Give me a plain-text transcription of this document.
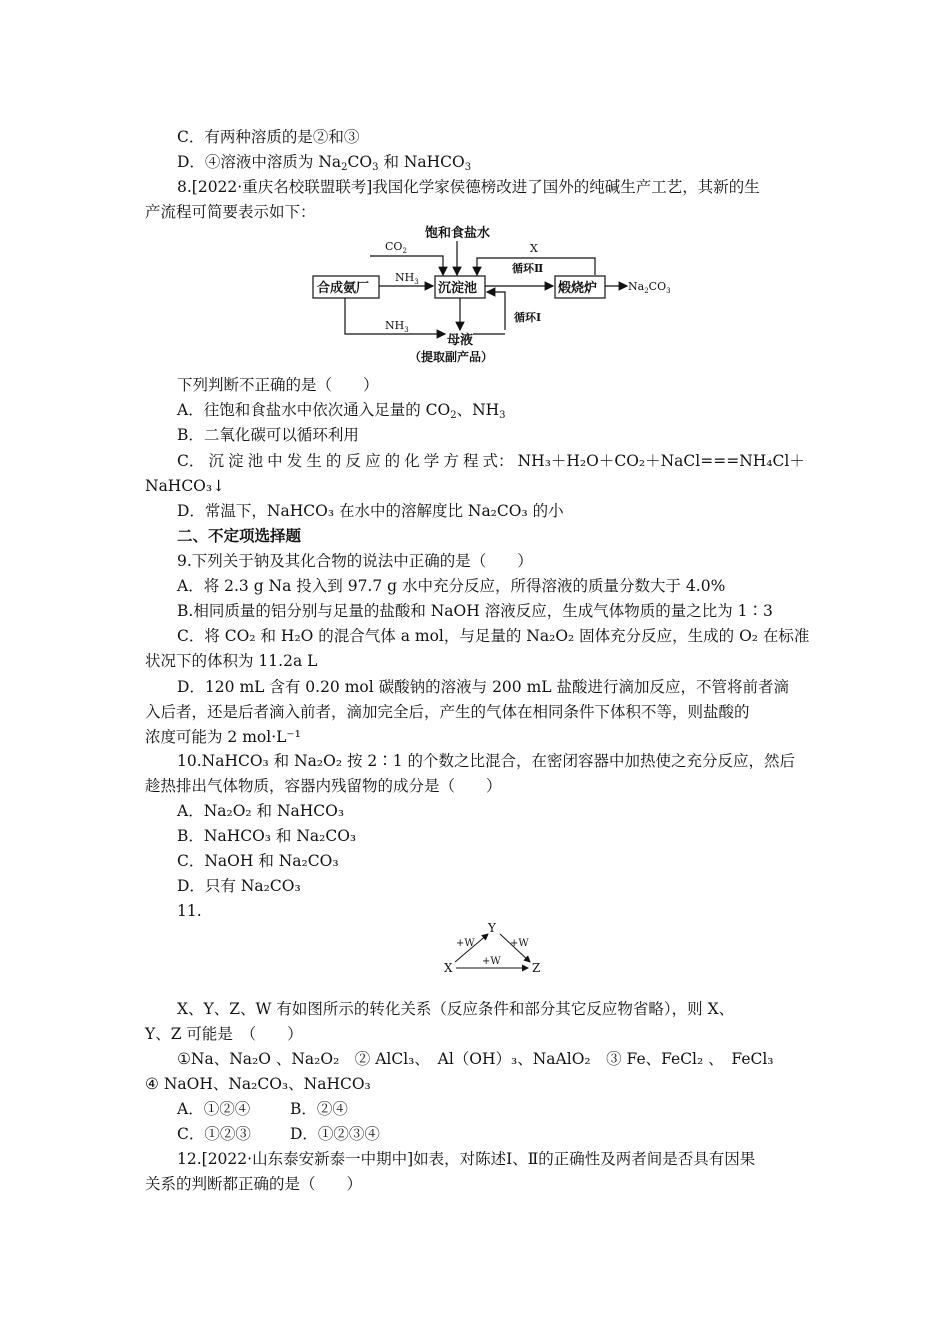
C．有两种溶质的是②和③
D．④溶液中溶质为 $Na_2CO_3$ 和 NaHCO$_3$
8.[2022·重庆名校联盟联考]我国化学家侯德榜改进了国外的纯碱生产工艺，其新的生
产流程可简要表示如下：
饱和食盐水
$CO_2$	X
循环Ⅱ
合成氨厂
$NH_3$ 沉淀池	煅烧炉	$Na_2CO_3$
循环Ⅰ
$NH_3$
母液
（提取副产品）
下列判断不正确的是（　　）
A．往饱和食盐水中依次通入足量的 $CO_2$、$NH_3$
B．二氧化碳可以循环利用
C． 沉 淀 池 中 发 生 的 反 应 的 化 学 方 程 式： NH₃＋H₂O＋CO₂＋NaCl===NH₄Cl＋
NaHCO₃↓
D．常温下，NaHCO₃ 在水中的溶解度比 Na₂CO₃ 的小
二、不定项选择题
9.下列关于钠及其化合物的说法中正确的是（　　）
A．将 2.3 g Na 投入到 97.7 g 水中充分反应，所得溶液的质量分数大于 4.0%
B.相同质量的铝分别与足量的盐酸和 NaOH 溶液反应，生成气体物质的量之比为 1∶3
C．将 CO₂ 和 H₂O 的混合气体 a mol，与足量的 Na₂O₂ 固体充分反应，生成的 O₂ 在标准
状况下的体积为 11.2a L
D．120 mL 含有 0.20 mol 碳酸钠的溶液与 200 mL 盐酸进行滴加反应，不管将前者滴
入后者，还是后者滴入前者，滴加完全后，产生的气体在相同条件下体积不等，则盐酸的
浓度可能为 2 mol·L⁻¹
10.NaHCO₃ 和 Na₂O₂ 按 2∶1 的个数之比混合，在密闭容器中加热使之充分反应，然后
趁热排出气体物质，容器内残留物的成分是（　　）
A．Na₂O₂ 和 NaHCO₃
B．NaHCO₃ 和 Na₂CO₃
C．NaOH 和 Na₂CO₃
D．只有 Na₂CO₃
11.
Y
X	Z
+W	+W
+W
X、Y、Z、W 有如图所示的转化关系（反应条件和部分其它反应物省略），则 X、
Y、Z 可能是　（　　）
①Na、Na₂O 、Na₂O₂　② AlCl₃、　Al（OH）₃、NaAlO₂　③ Fe、FeCl₂ 、　FeCl₃
④ NaOH、Na₂CO₃、NaHCO₃
A．①②④	B．②④
C．①②③	D．①②③④
12.[2022·山东泰安新泰一中期中]如表，对陈述Ⅰ、Ⅱ的正确性及两者间是否具有因果
关系的判断都正确的是（　　）
